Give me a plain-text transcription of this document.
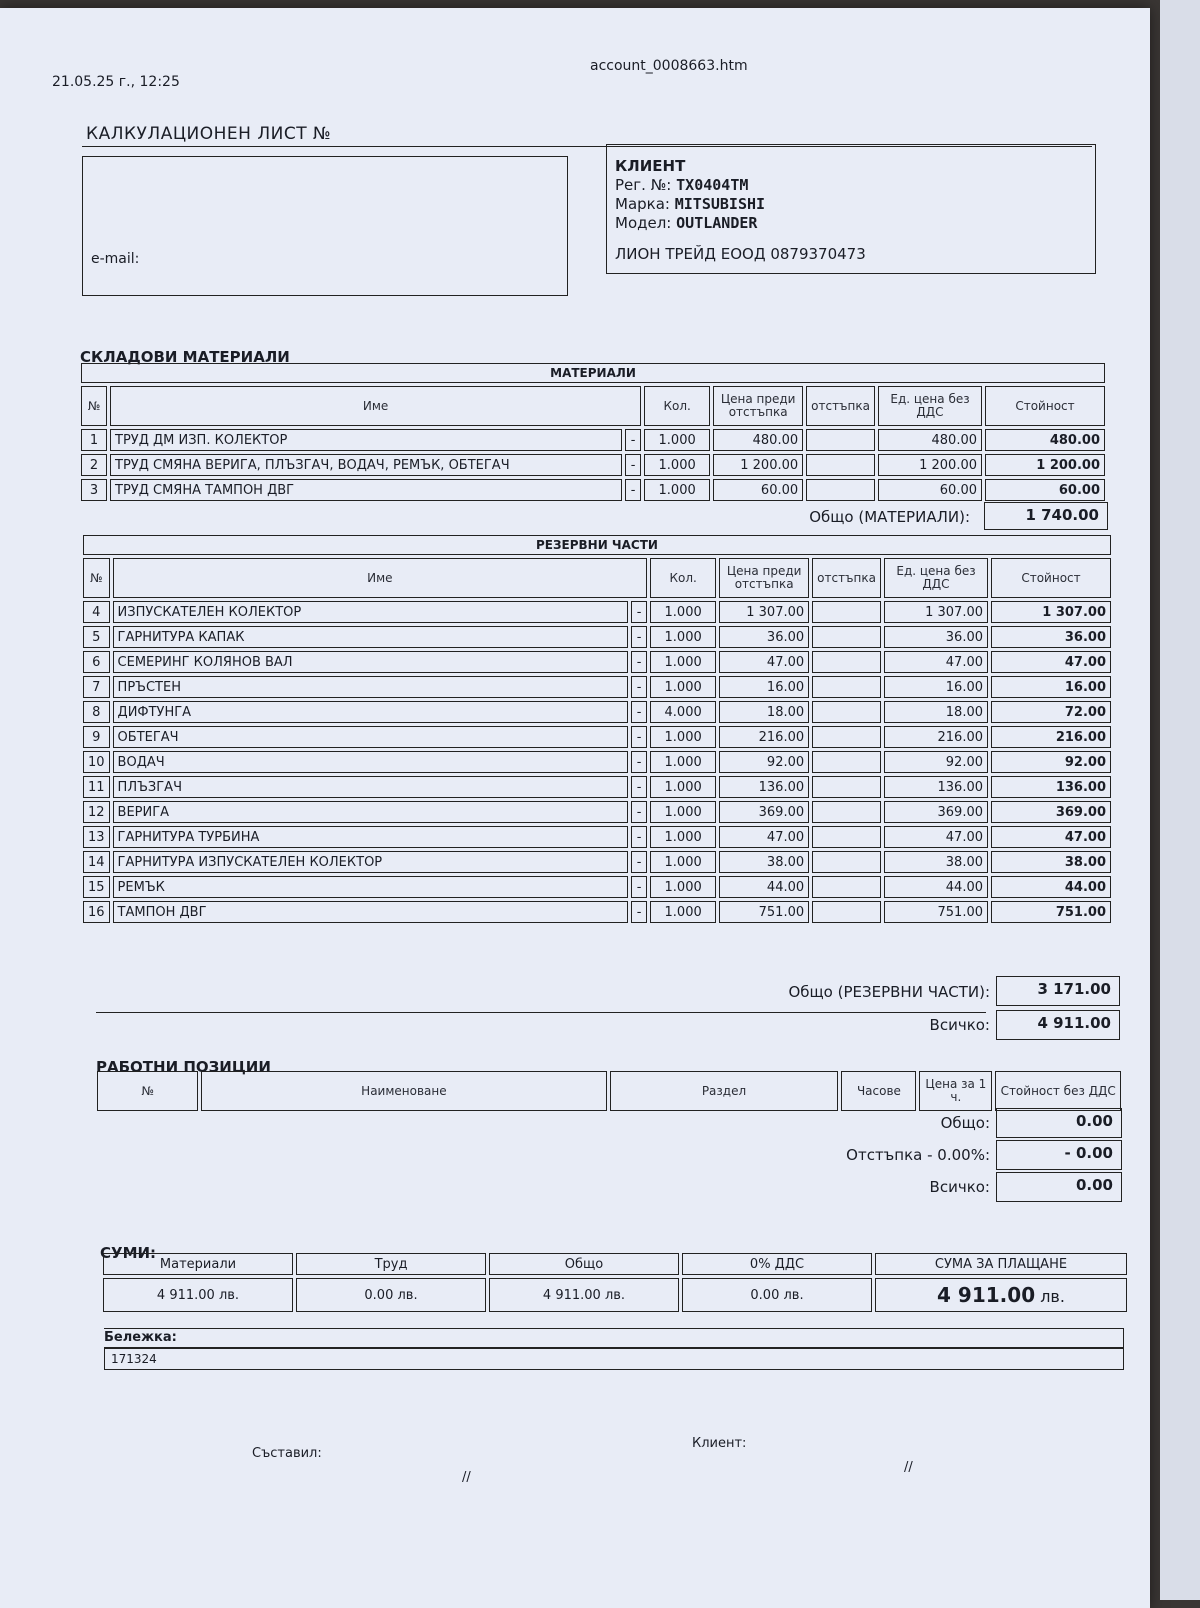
21.05.25 г., 12:25
account_0008663.htm
КАЛКУЛАЦИОНЕН ЛИСТ №
e-mail:
КЛИЕНТ
Рег. №: TX0404TM
Марка: MITSUBISHI
Модел: OUTLANDER
ЛИОН ТРЕЙД ЕООД 0879370473
СКЛАДОВИ МАТЕРИАЛИ
МАТЕРИАЛИ							
№	Име		Кол.	Цена преди отстъпка	отстъпка	Ед. цена без ДДС	Стойност
1	ТРУД ДМ ИЗП. КОЛЕКТОР	-	1.000	480.00		480.00	480.00
2	ТРУД СМЯНА ВЕРИГА, ПЛЪЗГАЧ, ВОДАЧ, РЕМЪК, ОБТЕГАЧ	-	1.000	1 200.00		1 200.00	1 200.00
3	ТРУД СМЯНА ТАМПОН ДВГ	-	1.000	60.00		60.00	60.00
Общо (МАТЕРИАЛИ):	1 740.00
РЕЗЕРВНИ ЧАСТИ							
№	Име		Кол.	Цена преди отстъпка	отстъпка	Ед. цена без ДДС	Стойност
4	ИЗПУСКАТЕЛЕН КОЛЕКТОР	-	1.000	1 307.00		1 307.00	1 307.00
5	ГАРНИТУРА КАПАК	-	1.000	36.00		36.00	36.00
6	СЕМЕРИНГ КОЛЯНОВ ВАЛ	-	1.000	47.00		47.00	47.00
7	ПРЪСТЕН	-	1.000	16.00		16.00	16.00
8	ДИФТУНГА	-	4.000	18.00		18.00	72.00
9	ОБТЕГАЧ	-	1.000	216.00		216.00	216.00
10	ВОДАЧ	-	1.000	92.00		92.00	92.00
11	ПЛЪЗГАЧ	-	1.000	136.00		136.00	136.00
12	ВЕРИГА	-	1.000	369.00		369.00	369.00
13	ГАРНИТУРА ТУРБИНА	-	1.000	47.00		47.00	47.00
14	ГАРНИТУРА ИЗПУСКАТЕЛЕН КОЛЕКТОР	-	1.000	38.00		38.00	38.00
15	РЕМЪК	-	1.000	44.00		44.00	44.00
16	ТАМПОН ДВГ	-	1.000	751.00		751.00	751.00
Общо (РЕЗЕРВНИ ЧАСТИ):	3 171.00
Всичко:	4 911.00
РАБОТНИ ПОЗИЦИИ
№	Наименоване	Раздел	Часове	Цена за 1 ч.	Стойност без ДДС
Общо:	0.00
Отстъпка - 0.00%:	- 0.00
Всичко:	0.00
СУМИ:
Материали	Труд	Общо	0% ДДС	СУМА ЗА ПЛАЩАНЕ
4 911.00 лв.	0.00 лв.	4 911.00 лв.	0.00 лв.	4 911.00 лв.
Бележка:
171324
Съставил:
//
Клиент:
//
